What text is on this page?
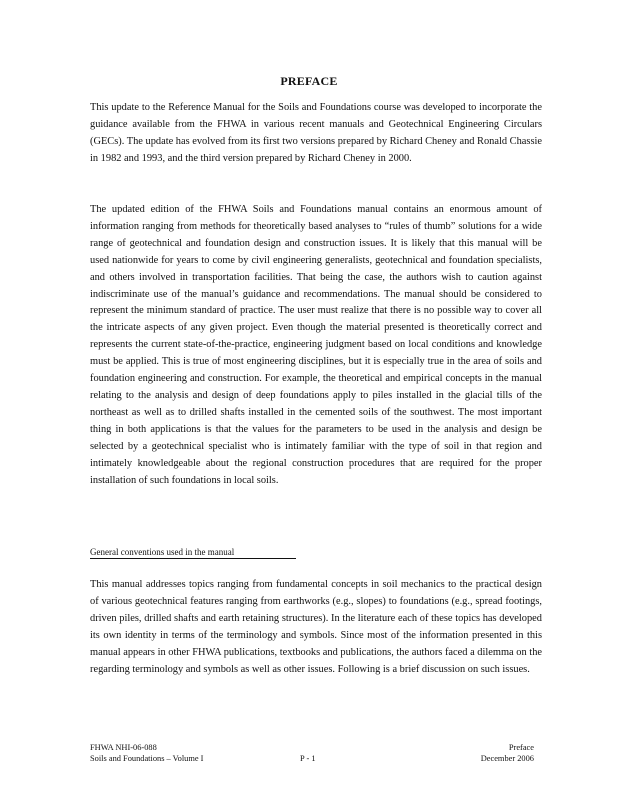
PREFACE

This update to the Reference Manual for the Soils and Foundations course was developed to incorporate the guidance available from the FHWA in various recent manuals and Geotechnical Engineering Circulars (GECs). The update has evolved from its first two versions prepared by Richard Cheney and Ronald Chassie in 1982 and 1993, and the third version prepared by Richard Cheney in 2000.

The updated edition of the FHWA Soils and Foundations manual contains an enormous amount of information ranging from methods for theoretically based analyses to “rules of thumb” solutions for a wide range of geotechnical and foundation design and construction issues. It is likely that this manual will be used nationwide for years to come by civil engineering generalists, geotechnical and foundation specialists, and others involved in transportation facilities. That being the case, the authors wish to caution against indiscriminate use of the manual’s guidance and recommendations. The manual should be considered to represent the minimum standard of practice. The user must realize that there is no possible way to cover all the intricate aspects of any given project. Even though the material presented is theoretically correct and represents the current state-of-the-practice, engineering judgment based on local conditions and knowledge must be applied. This is true of most engineering disciplines, but it is especially true in the area of soils and foundation engineering and construction. For example, the theoretical and empirical concepts in the manual relating to the analysis and design of deep foundations apply to piles installed in the glacial tills of the northeast as well as to drilled shafts installed in the cemented soils of the southwest. The most important thing in both applications is that the values for the parameters to be used in the analysis and design be selected by a geotechnical specialist who is intimately familiar with the type of soil in that region and intimately knowledgeable about the regional construction procedures that are required for the proper installation of such foundations in local soils.

General conventions used in the manual

This manual addresses topics ranging from fundamental concepts in soil mechanics to the practical design of various geotechnical features ranging from earthworks (e.g., slopes) to foundations (e.g., spread footings, driven piles, drilled shafts and earth retaining structures). In the literature each of these topics has developed its own identity in terms of the terminology and symbols. Since most of the information presented in this manual appears in other FHWA publications, textbooks and publications, the authors faced a dilemma on the regarding terminology and symbols as well as other issues. Following is a brief discussion on such issues.

FHWA NHI-06-088
Soils and Foundations – Volume I	P - 1
Preface
December 2006
